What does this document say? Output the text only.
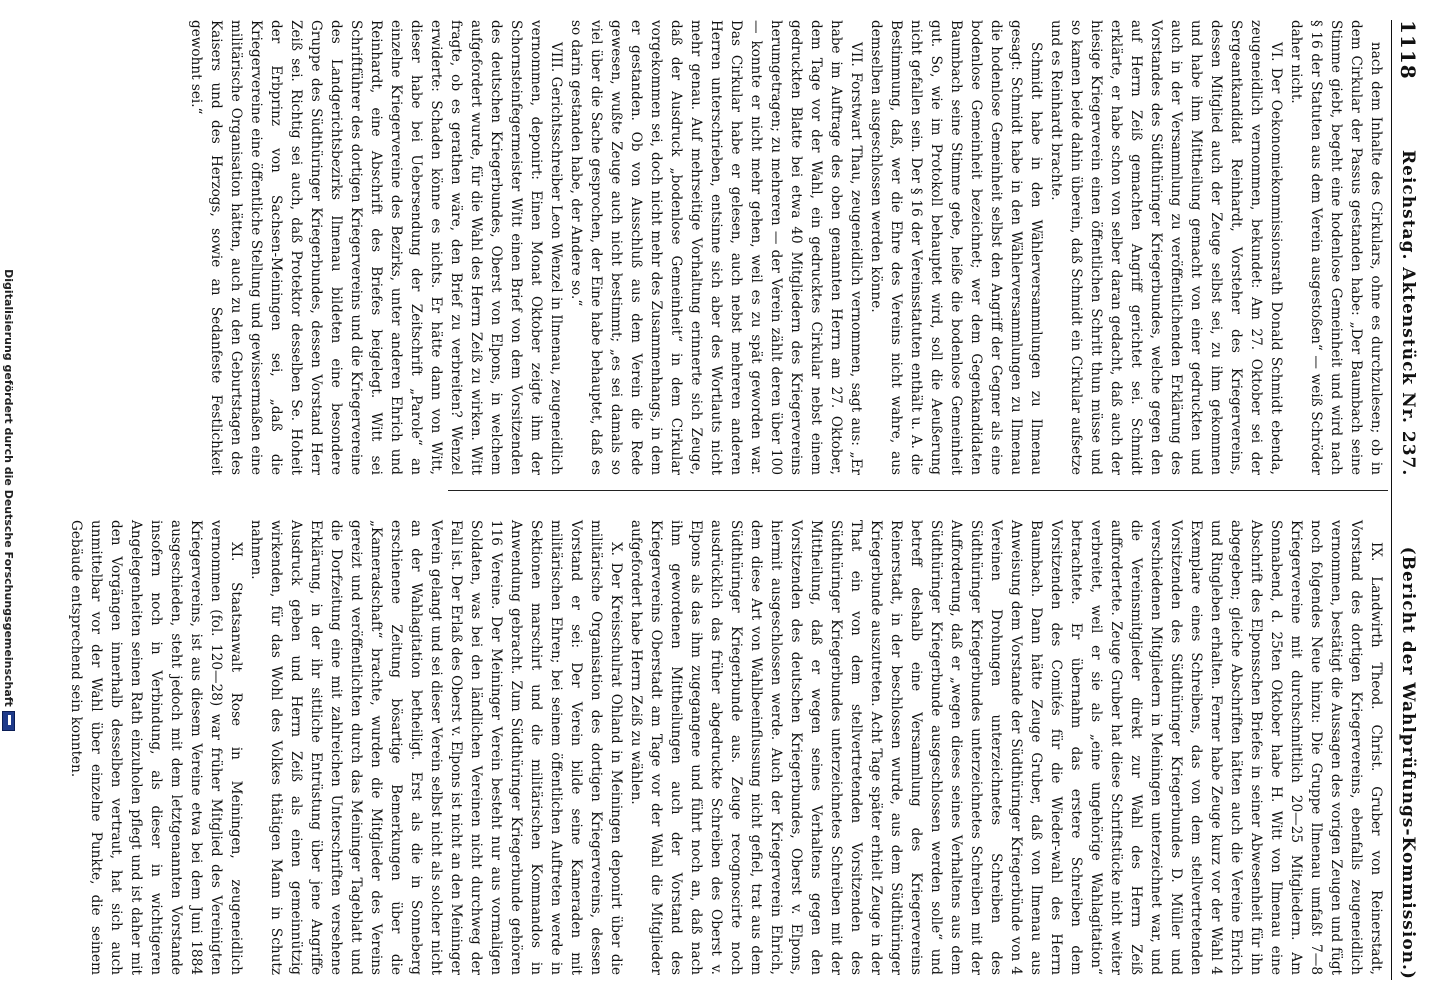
1118
Reichstag. Aktenstück Nr. 237.
(Bericht der Wahlprüfungs-Kommission.)

nach dem Inhalte des Cirkulars, ohne es durchzulesen; ob in dem Cirkular der Passus gestanden habe: „Der Baumbach seine Stimme giebt, begeht eine hodenlose Gemeinheit und wird nach § 16 der Statuten aus dem Verein ausgestoßen“ — weiß Schröder daher nicht.

VI. Der Oekonomiekommissionsrath Donald Schmidt ebenda, zeugeneidlich vernommen, bekundet: Am 27. Oktober sei der Sergeantkandidat Reinhardt, Vorsteher des Kriegervereins, dessen Mitglied auch der Zeuge selbst sei, zu ihm gekommen und habe ihm Mittheilung gemacht von einer gedruckten und auch in der Versammlung zu veröffentlichenden Erklärung des Vorstandes des Südthüringer Kriegerbundes, welche gegen den auf Herrn Zeiß gemachten Angriff gerichtet sei. Schmidt erklärte, er habe schon von selber daran gedacht, daß auch der hiesige Kriegerverein einen öffentlichen Schritt thun müsse und so kamen beide dahin überein, daß Schmidt ein Cirkular aufsetze und es Reinhardt brachte.

Schmidt habe in den Wählerversammlungen zu Ilmenau gesagt: Schmidt habe in den Wählerversammlungen zu Ilmenau die hodenlose Gemeinheit selbst den Angriff der Gegner als eine bodenlose Gemeinheit bezeichnet; wer dem Gegenkandidaten Baumbach seine Stimme gebe, heiße die bodenlose Gemeinheit gut. So, wie im Protokoll behauptet wird, soll die Aeußerung nicht gefallen sein. Der § 16 der Vereinsstatuten enthält u. A. die Bestimmung, daß, wer die Ehre des Vereins nicht wahre, aus demselben ausgeschlossen werden könne.

VII. Forstwart Thau, zeugeneidlich vernommen, sagt aus: „Er habe im Auftrage des oben genannten Herrn am 27. Oktober, dem Tage vor der Wahl, ein gedrucktes Cirkular nebst einem gedruckten Blatte bei etwa 40 Mitgliedern des Kriegervereins herumgetragen; zu mehreren — der Verein zählt deren über 100 — konnte er nicht mehr gehen, weil es zu spät geworden war. Das Cirkular habe er gelesen, auch nebst mehreren anderen Herren unterschrieben, entsinne sich aber des Wortlauts nicht mehr genau. Auf mehrseitige Vorhaltung erinnerte sich Zeuge, daß der Ausdruck „bodenlose Gemeinheit“ in dem Cirkular vorgekommen sei, doch nicht mehr des Zusammenhangs, in dem er gestanden. Ob von Ausschluß aus dem Verein die Rede gewesen, wußte Zeuge auch nicht bestimmt; „es sei damals so viel über die Sache gesprochen, der Eine habe behauptet, daß es so darin gestanden habe, der Andere so.“

VIII. Gerichtsschreiber Leon Wenzel in Ilmenau, zeugeneidlich vernommen, deponirt: Einen Monat Oktober zeigte ihm der Schornsteinfegermeister Witt einen Brief von dem Vorsitzenden des deutschen Kriegerbundes, Oberst von Elpons, in welchem aufgefordert wurde, für die Wahl des Herrn Zeiß zu wirken. Witt fragte, ob es gerathen wäre, den Brief zu verbreiten? Wenzel erwiderte: Schaden könne es nichts. Er hätte dann von Witt, dieser habe bei Uebersendung der Zeitschrift „Parole“ an einzelne Kriegervereine des Bezirks, unter anderen Ehrich und Reinhardt, eine Abschrift des Briefes beigelegt. Witt sei Schriftführer des dortigen Kriegervereins und die Kriegervereine des Landgerichtsbezirks Ilmenau bildeten eine besondere Gruppe des Südthüringer Kriegerbundes, dessen Vorstand Herr Zeiß sei. Richtig sei auch, daß Protektor desselben Se. Hoheit der Erbprinz von Sachsen-Meiningen sei, „daß die Kriegervereine eine öffentliche Stellung und gewissermaßen eine militärische Organisation hätten, auch zu den Geburtstagen des Kaisers und des Herzogs, sowie an Sedanfeste Festlichkeit gewohnt sei.“

IX. Landwirth Theod. Christ. Gruber von Reinerstadt, Vorstand des dortigen Kriegervereins, ebenfalls zeugeneidlich vernommen, bestätigt die Aussagen des vorigen Zeugen und fügt noch folgendes Neue hinzu: Die Gruppe Ilmenau umfaßt 7—8 Kriegervereine mit durchschnittlich 20—25 Mitgliedern. Am Sonnabend, d. 25ten Oktober habe H. Witt von Ilmenau eine Abschrift des Elponsschen Briefes in seiner Abwesenheit für ihn abgegeben; gleiche Abschriften hätten auch die Vereine Ehrich und Ringleben erhalten. Ferner habe Zeuge kurz vor der Wahl 4 Exemplare eines Schreibens, das von dem stellvertretenden Vorsitzenden des Südthüringer Kriegerbundes D. Müller und verschiedenen Mitgliedern in Meiningen unterzeichnet war, und die Vereinsmitglieder direkt zur Wahl des Herrn Zeiß auffordertete. Zeuge Gruber hat diese Schriftstücke nicht weiter verbreitet, weil er sie als „eine ungehörige Wahlagitation“ betrachtete. Er übernahm das erstere Schreiben dem Vorsitzenden des Comités für die Wieder-wahl des Herrn Baumbach. Dann hätte Zeuge Gruber, daß von Ilmenau aus Anweisung dem Vorstande der Südthüringer Kriegerbünde von 4 Vereinen Drohungen unterzeichnetes Schreiben des Südthüringer Kriegerbundes unterzeichnetes Schreiben mit der Aufforderung, daß er „wegen dieses seines Verhaltens aus dem Südthüringer Kriegerbunde ausgeschlossen werden solle“ und betreff deshalb eine Versammlung des Kriegervereins Reinerstadt, in der beschlossen wurde, aus dem Südthüringer Kriegerbunde auszutreten. Acht Tage später erhielt Zeuge in der That ein von dem stellvertretenden Vorsitzenden des Südthüringer Kriegerbundes unterzeichnetes Schreiben mit der Mittheilung, daß er wegen seines Verhaltens gegen den Vorsitzenden des deutschen Kriegerbundes, Oberst v. Elpons, hiermit ausgeschlossen werde. Auch der Kriegerverein Ehrich, dem diese Art von Wahlbeeinflussung nicht gefiel, trat aus dem Südthüringer Kriegerbunde aus. Zeuge recognoscirte noch ausdrücklich das früher abgedruckte Schreiben des Oberst v. Elpons als das ihm zugegangene und führt noch an, daß nach ihm gewordenen Mittheilungen auch der Vorstand des Kriegervereins Oberstadt am Tage vor der Wahl die Mitglieder aufgefordert habe Herrn Zeiß zu wählen.

X. Der Kreisschulrat Ohland in Meiningen deponirt über die militärische Organisation des dortigen Kriegervereins, dessen Vorstand er sei: Der Verein bilde seine Kameraden mit militärischen Ehren; bei seinem öffentlichen Auftreten werde in Sektionen marschirt und die militärischen Kommandos in Anwendung gebracht. Zum Südthüringer Kriegerbunde gehören 116 Vereine. Der Meininger Verein besteht nur aus vormaligen Soldaten, was bei den ländlichen Vereinen nicht durchweg der Fall ist. Der Erlaß des Oberst v. Elpons ist nicht an den Meininger Verein gelangt und sei dieser Verein selbst nicht als solcher nicht an der Wahlagitation betheiligt. Erst als die in Sonneberg erschienene Zeitung bösartige Bemerkungen über die „Kameradschaft“ brachte, wurden die Mitglieder des Vereins gereizt und veröffentlichten durch das Meininger Tageblatt und die Dorfzeitung eine mit zahlreichen Unterschriften versehene Erklärung, in der ihr sittliche Entrüstung über jene Angriffe Ausdruck geben und Herrn Zeiß als einen gemeinnützig wirkenden, für das Wohl des Volkes thätigen Mann in Schutz nahmen.

XI. Staatsanwalt Rose in Meiningen, zeugeneidlich vernommen (fol. 120—28) war früher Mitglied des Vereinigten Kriegervereins, ist aus diesem Vereine etwa bei dem Juni 1884 ausgeschieden, steht jedoch mit dem letztgenannten Vorstande insofern noch in Verbindung, als dieser in wichtigeren Angelegenheiten seinen Rath einzuholen pflegt und ist daher mit den Vorgängen innerhalb desselben vertraut, hat sich auch unmittelbar vor der Wahl über einzelne Punkte, die seinem Gebäude entsprechend sein konnten.

Digitalisierung gefördert durch die Deutsche Forschungsgemeinschaft
